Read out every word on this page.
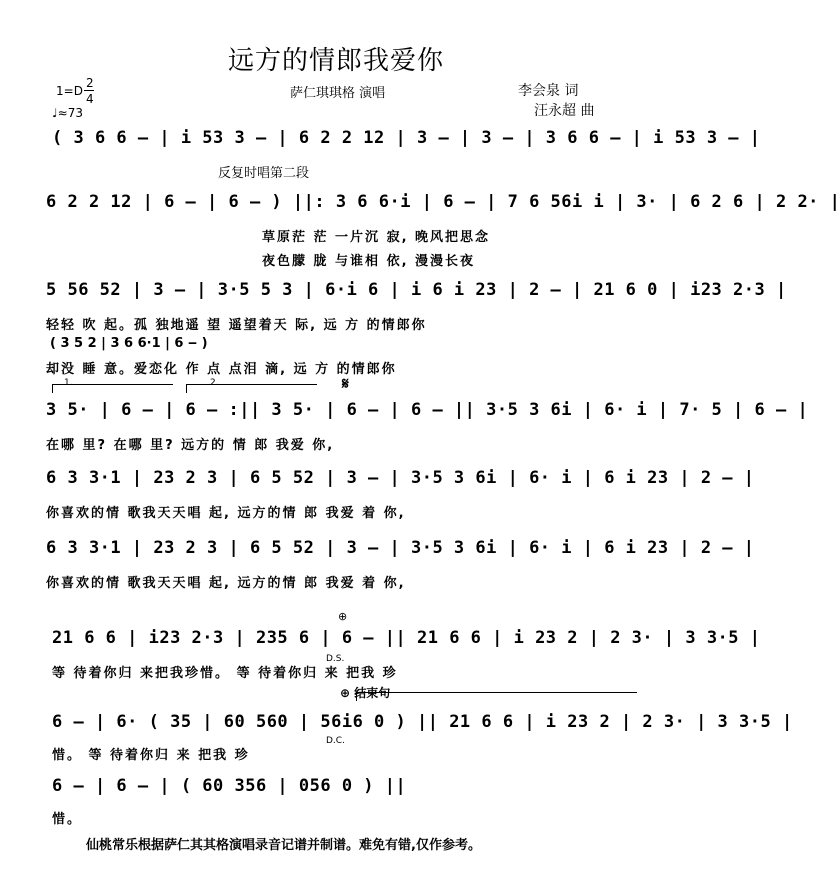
远方的情郎我爱你
萨仁琪琪格 演唱	李会泉 词
汪永超 曲
1=D
2
4
♩≈73
( 3 6 6 ‒ | i 53 3 ‒ | 6 2 2 12 | 3 ‒ | 3 ‒ | 3 6 6 ‒ | i 53 3 ‒ |
反复时唱第二段
6 2 2 12 | 6 ‒ | 6 ‒ ) ||: 3 6 6·i | 6 ‒ | 7 6 56i i | 3· | 6 2 6 | 2 2· |
草原茫 茫 一片沉 寂, 晚风把思念
夜色朦 胧 与谁相 依, 漫漫长夜
5 56 52 | 3 ‒ | 3·5 5 3 | 6·i 6 | i 6 i 23 | 2 ‒ | 21 6 0 | i23 2·3 |
轻轻 吹 起。孤 独地遥 望 遥望着天 际, 远 方 的情郎你
( 3 5 2 | 3 6 6·1 | 6 ‒ )
却没 睡 意。爱恋化 作 点 点泪 滴, 远 方 的情郎你
1.	2.	𝄋
3 5· | 6 ‒ | 6 ‒ :|| 3 5· | 6 ‒ | 6 ‒ || 3·5 3 6i | 6· i | 7· 5 | 6 ‒ |
在哪 里? 在哪 里? 远方的 情 郎 我爱 你,
6 3 3·1 | 23 2 3 | 6 5 52 | 3 ‒ | 3·5 3 6i | 6· i | 6 i 23 | 2 ‒ |
你喜欢的情 歌我天天唱 起, 远方的情 郎 我爱 着 你,
6 3 3·1 | 23 2 3 | 6 5 52 | 3 ‒ | 3·5 3 6i | 6· i | 6 i 23 | 2 ‒ |
你喜欢的情 歌我天天唱 起, 远方的情 郎 我爱 着 你,
⊕
21 6 6 | i23 2·3 | 235 6 | 6 ‒ || 21 6 6 | i 23 2 | 2 3· | 3 3·5 |
D.S.
等 待着你归 来把我珍惜。 等 待着你归 来 把我 珍
⊕ 结束句
6 ‒ | 6· ( 35 | 60 560 | 56i6 0 ) || 21 6 6 | i 23 2 | 2 3· | 3 3·5 |
D.C.
惜。 等 待着你归 来 把我 珍
6 ‒ | 6 ‒ | ( 60 356 | 056 0 ) ||
惜。
仙桃常乐根据萨仁其其格演唱录音记谱并制谱。难免有错,仅作参考。
